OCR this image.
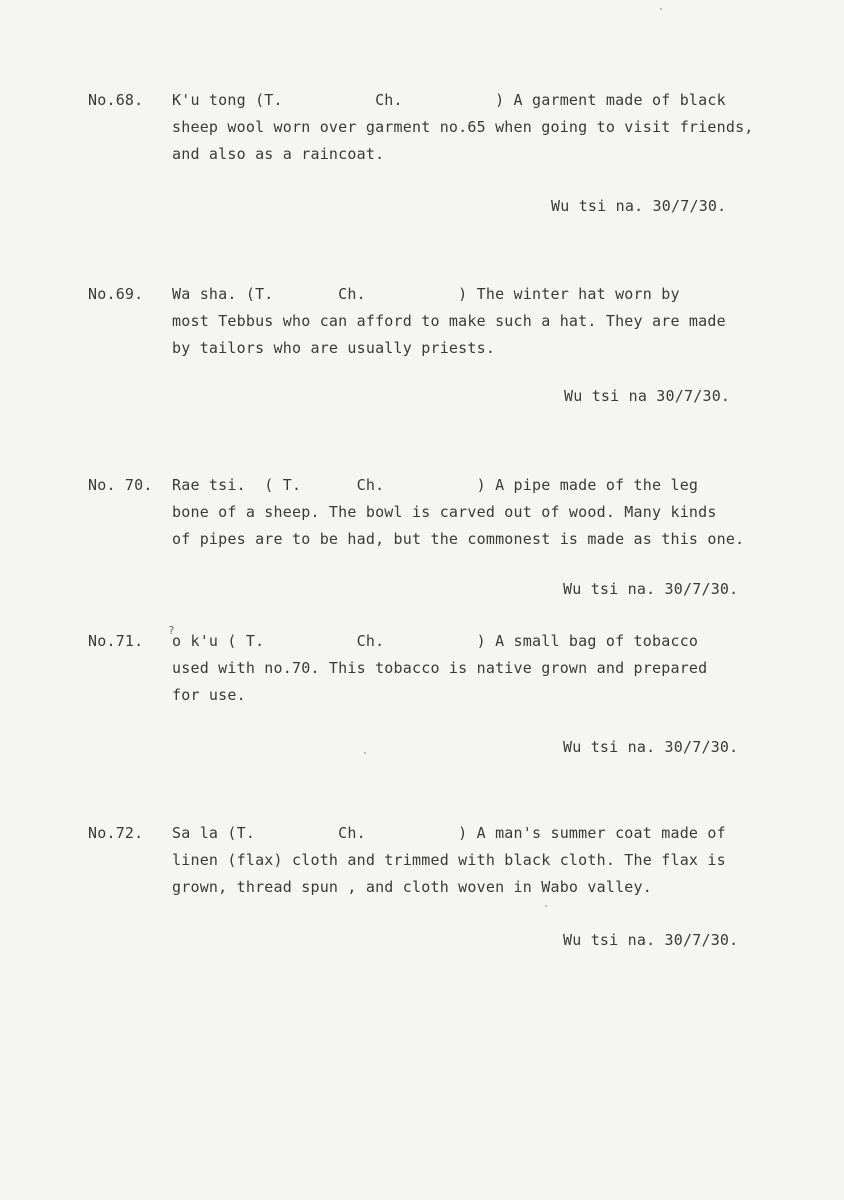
No.68.

K'u tong (T.          Ch.          ) A garment made of black

sheep wool worn over garment no.65 when going to visit friends,

and also as a raincoat.

Wu tsi na. 30/7/30.

No.69.

Wa sha. (T.       Ch.          ) The winter hat worn by

most Tebbus who can afford to make such a hat. They are made

by tailors who are usually priests.

Wu tsi na 30/7/30.

No. 70.

Rae tsi.  ( T.      Ch.          ) A pipe made of the leg

bone of a sheep. The bowl is carved out of wood. Many kinds

of pipes are to be had, but the commonest is made as this one.

Wu tsi na. 30/7/30.

No.71.

o k'u ( T.          Ch.          ) A small bag of tobacco

used with no.70. This tobacco is native grown and prepared

for use.

?
Wu tsi na. 30/7/30.

No.72.

Sa la (T.         Ch.          ) A man's summer coat made of

linen (flax) cloth and trimmed with black cloth. The flax is

grown, thread spun , and cloth woven in Wabo valley.

Wu tsi na. 30/7/30.
